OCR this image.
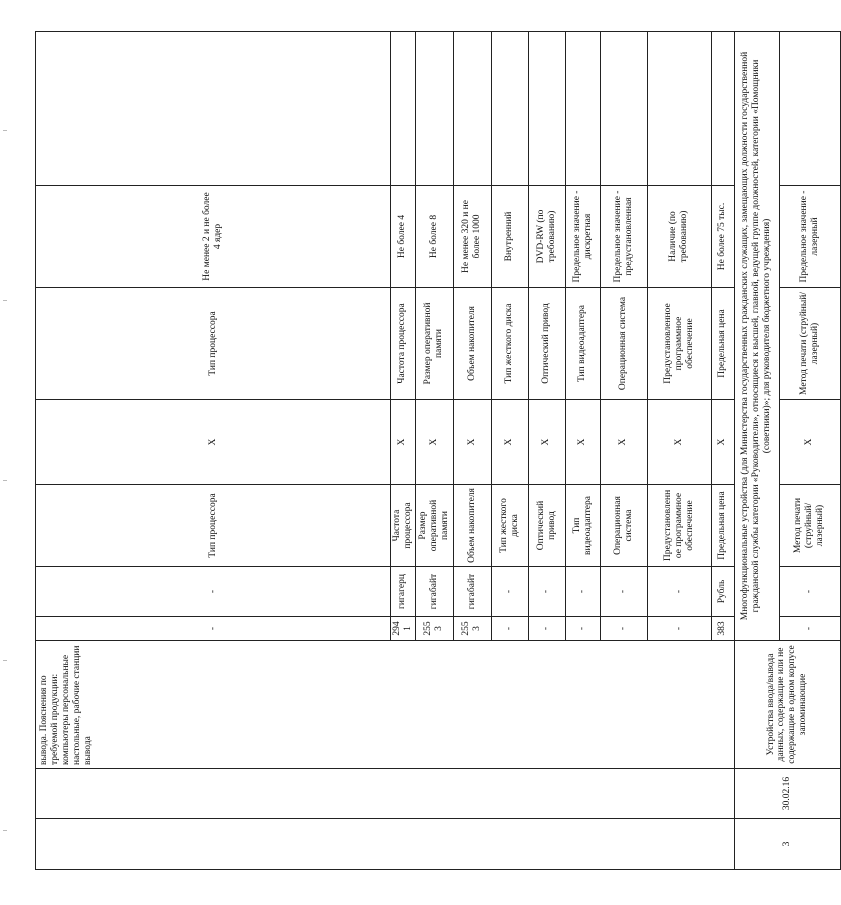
		вывода. Пояснения по требуемой продукции: компьютеры персональные настольные, рабочие станции вывода	-	-	Тип процессора	X	Тип процессора	Не менее 2 и не более 4 ядер	
			2941	гигагерц	Частота процессора	X	Частота процессора	Не более 4	
			2553	гигабайт	Размер оперативной памяти	X	Размер оперативной памяти	Не более 8	
			2553	гигабайт	Объем накопителя	X	Объем накопителя	Не менее 320 и не более 1000	
			-	-	Тип жесткого диска	X	Тип жесткого диска	Внутренний	
			-	-	Оптический привод	X	Оптический привод	DVD-RW (по требованию)	
			-	-	Тип видеоадаптера	X	Тип видеоадаптера	Предельное значение - дискретная	
			-	-	Операционная система	X	Операционная система	Предельное значение - предустановленная	
			-	-	Предустановленное программное обеспечение	X	Предустановленное программное обеспечение	Наличие (по требованию)	
			383	Рубль	Предельная цена	X	Предельная цена	Не более 75 тыс.	
3	30.02.16	Устройства ввода/вывода данных, содержащие или не содержащие в одном корпусе запоминающие	Многофункциональные устройства (для Министерства государственных гражданских служащих, замещающих должности государственной гражданской службы категории «Руководители», относящиеся к высшей, главной, ведущей группе должностей, категории «Помощники (советники)»; для руководителя бюджетного учреждения)						
			-	-	Метод печати (струйный/лазерный)	X	Метод печати (струйный/лазерный)	Предельное значение - лазерный	
